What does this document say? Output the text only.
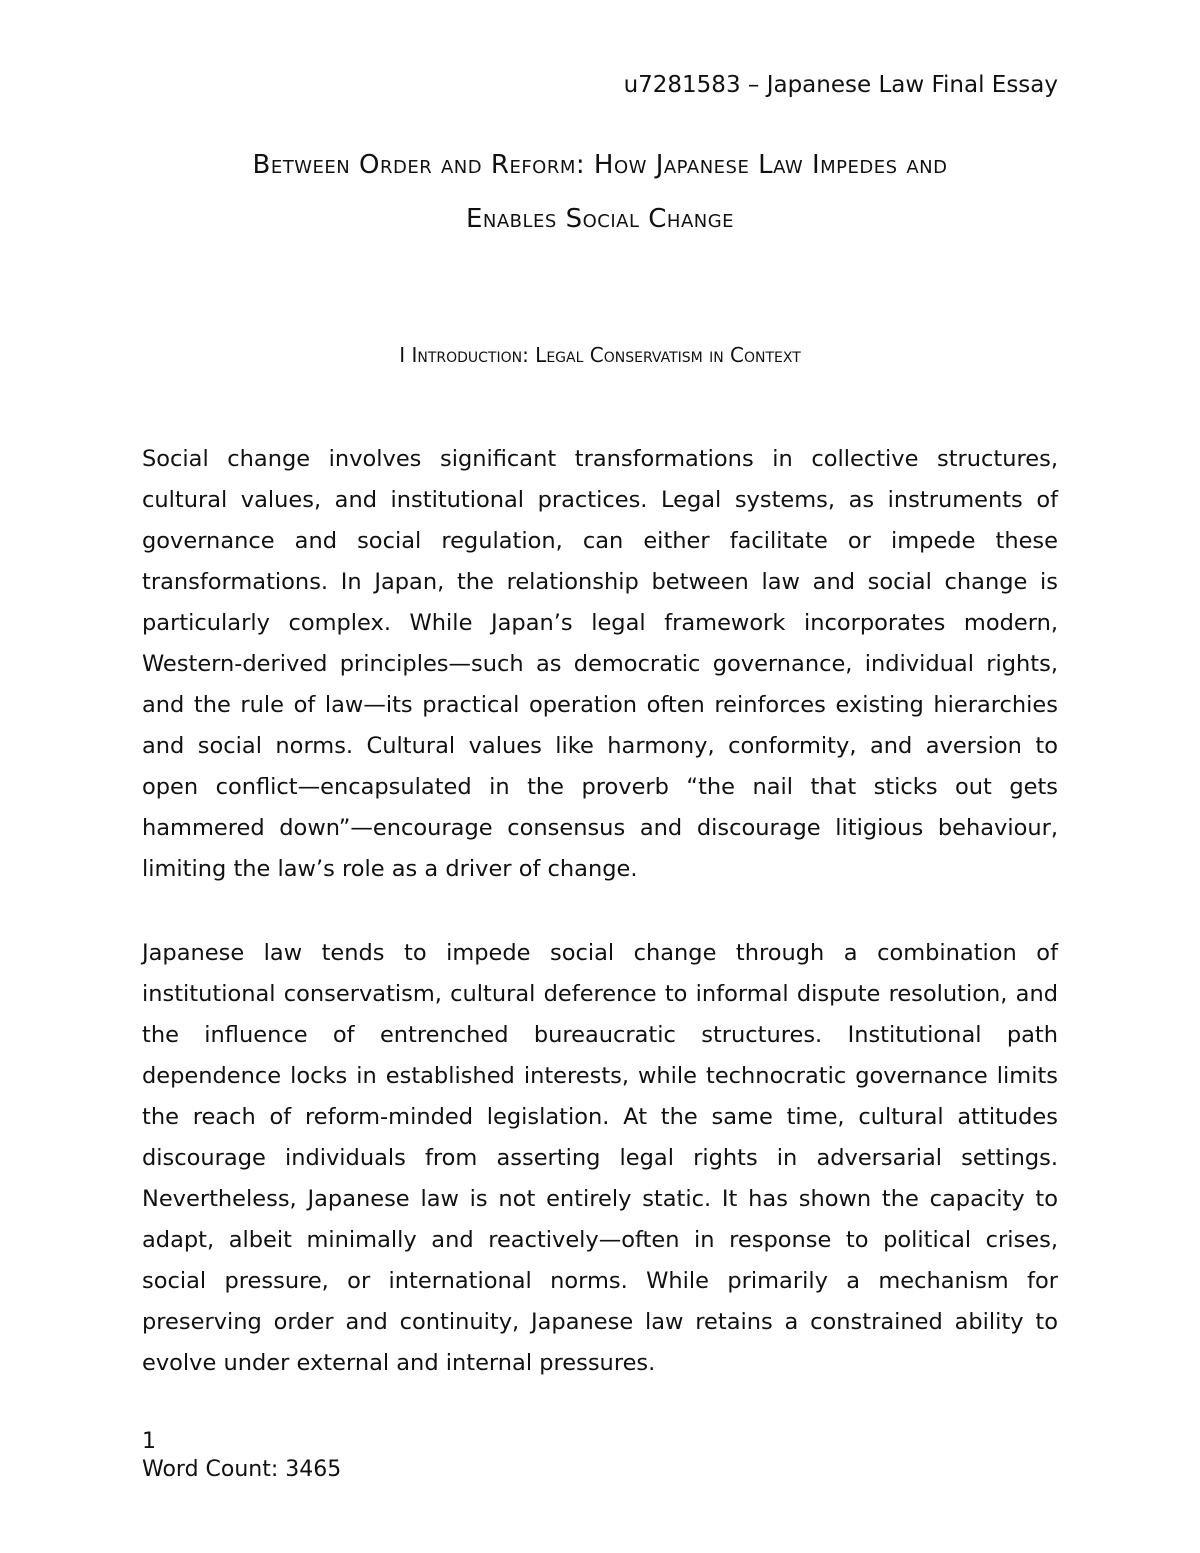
u7281583 – Japanese Law Final Essay
Between Order and Reform: How Japanese Law Impedes and
Enables Social Change
I Introduction: Legal Conservatism in Context

Social change involves significant transformations in collective structures, cultural values, and institutional practices. Legal systems, as instruments of governance and social regulation, can either facilitate or impede these transformations. In Japan, the relationship between law and social change is particularly complex. While Japan’s legal framework incorporates modern, Western-derived principles—such as democratic governance, individual rights, and the rule of law—its practical operation often reinforces existing hierarchies and social norms. Cultural values like harmony, conformity, and aversion to open conflict—encapsulated in the proverb “the nail that sticks out gets hammered down”—encourage consensus and discourage litigious behaviour, limiting the law’s role as a driver of change.

Japanese law tends to impede social change through a combination of institutional conservatism, cultural deference to informal dispute resolution, and the influence of entrenched bureaucratic structures. Institutional path dependence locks in established interests, while technocratic governance limits the reach of reform-minded legislation. At the same time, cultural attitudes discourage individuals from asserting legal rights in adversarial settings. Nevertheless, Japanese law is not entirely static. It has shown the capacity to adapt, albeit minimally and reactively—often in response to political crises, social pressure, or international norms. While primarily a mechanism for preserving order and continuity, Japanese law retains a constrained ability to evolve under external and internal pressures.

1
Word Count: 3465
